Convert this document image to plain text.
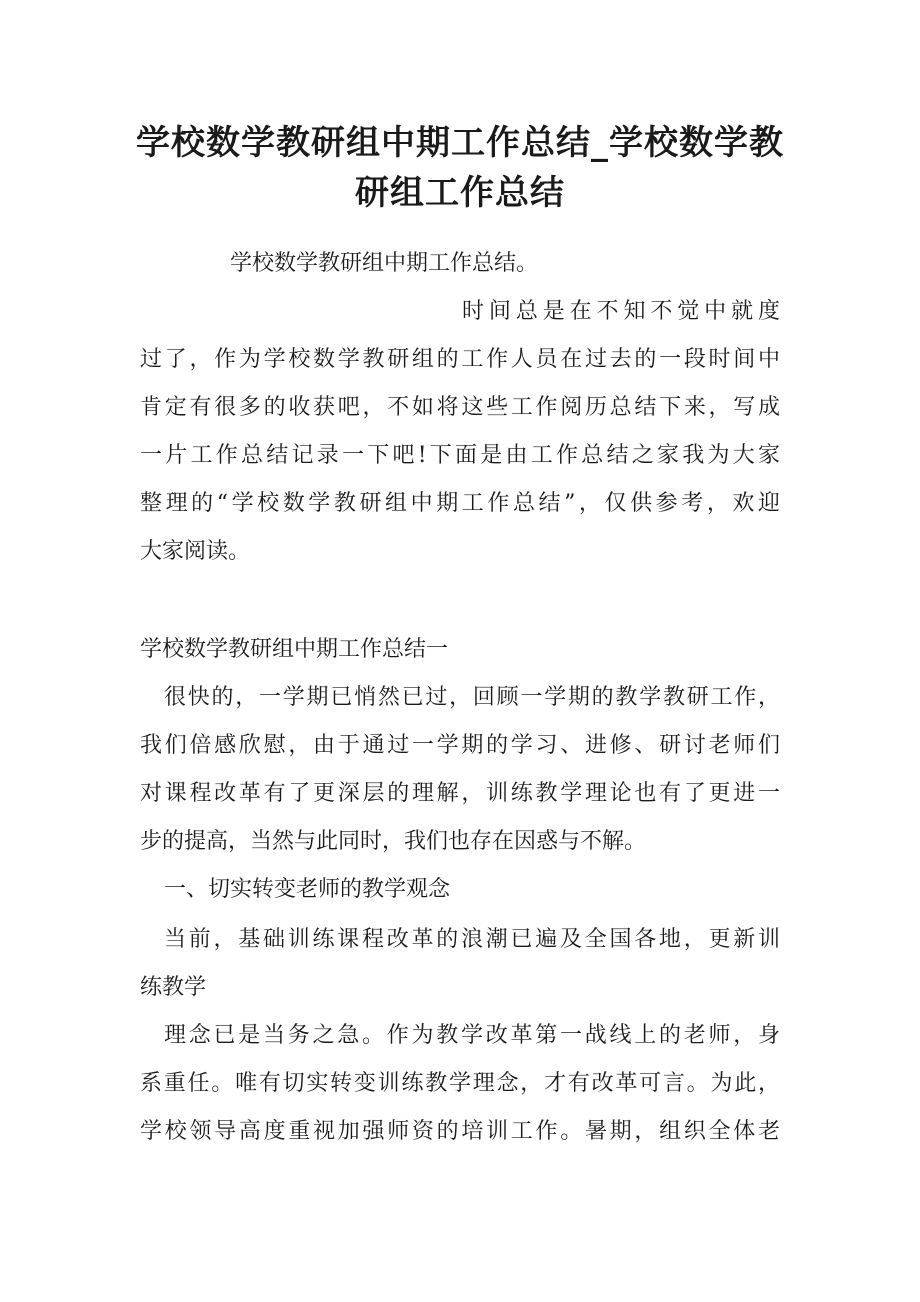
学校数学教研组中期工作总结_学校数学教
研组工作总结

学校数学教研组中期工作总结。

时间总是在不知不觉中就度

过了，作为学校数学教研组的工作人员在过去的一段时间中

肯定有很多的收获吧，不如将这些工作阅历总结下来，写成

一片工作总结记录一下吧!下面是由工作总结之家我为大家

整理的“学校数学教研组中期工作总结”，仅供参考，欢迎

大家阅读。

学校数学教研组中期工作总结一

很快的，一学期已悄然已过，回顾一学期的教学教研工作，

我们倍感欣慰，由于通过一学期的学习、进修、研讨老师们

对课程改革有了更深层的理解，训练教学理论也有了更进一

步的提高，当然与此同时，我们也存在因惑与不解。

一、切实转变老师的教学观念

当前，基础训练课程改革的浪潮已遍及全国各地，更新训

练教学

理念已是当务之急。作为教学改革第一战线上的老师，身

系重任。唯有切实转变训练教学理念，才有改革可言。为此，

学校领导高度重视加强师资的培训工作。暑期，组织全体老
